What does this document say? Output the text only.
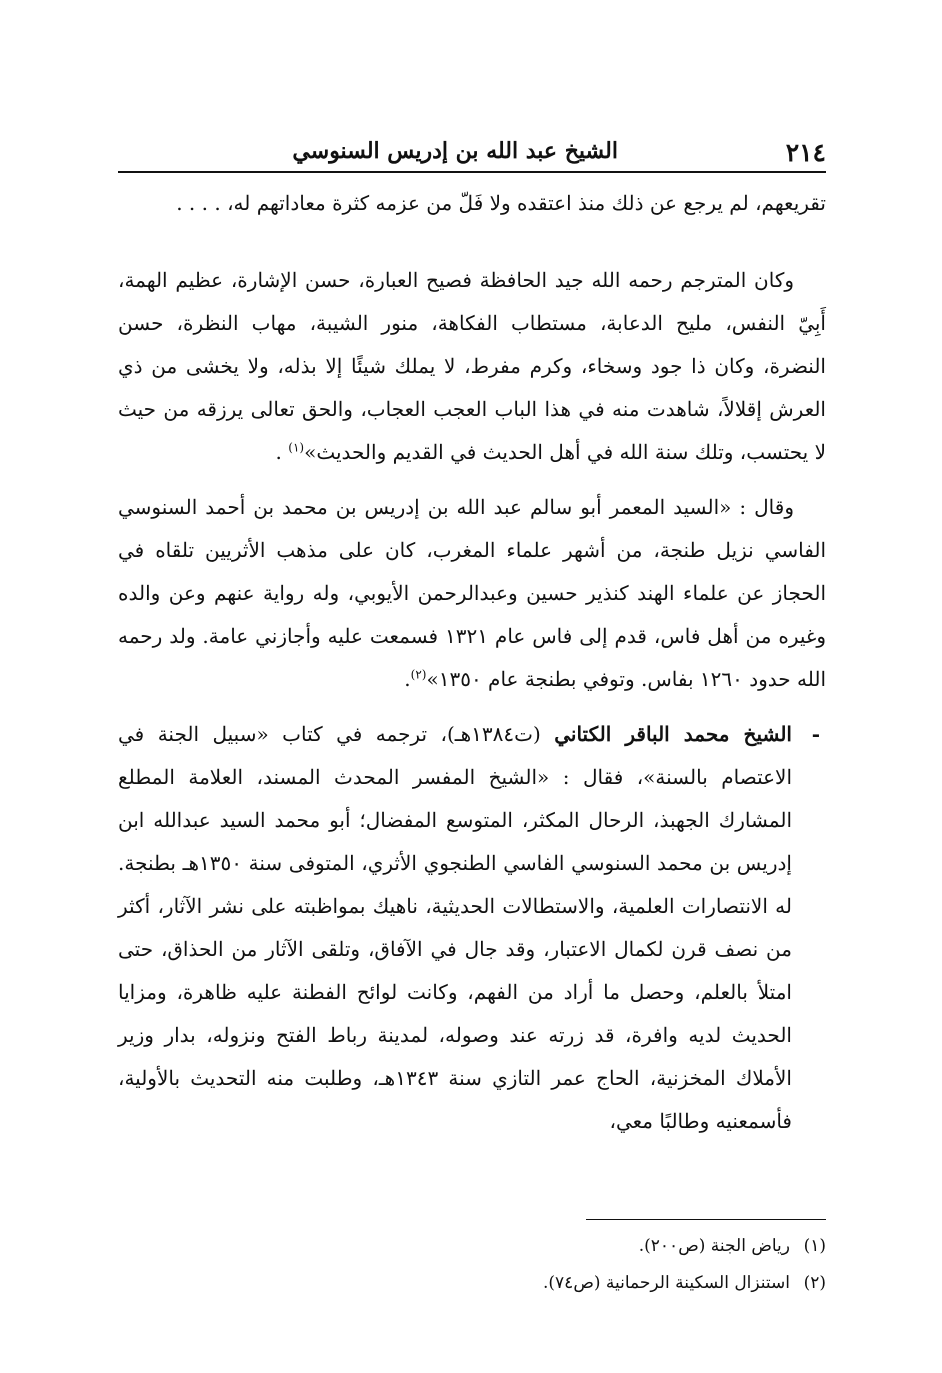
٢١٤
الشيخ عبد الله بن إدريس السنوسي

تقريعهم، لم يرجع عن ذلك منذ اعتقده ولا فَلّ من عزمه كثرة معاداتهم له، . . . .

وكان المترجم رحمه الله جيد الحافظة فصيح العبارة، حسن الإشارة، عظيم الهمة، أَبِيّ النفس، مليح الدعابة، مستطاب الفكاهة، منور الشيبة، مهاب النظرة، حسن النضرة، وكان ذا جود وسخاء، وكرم مفرط، لا يملك شيئًا إلا بذله، ولا يخشى من ذي العرش إقلالاً، شاهدت منه في هذا الباب العجب العجاب، والحق تعالى يرزقه من حيث لا يحتسب، وتلك سنة الله في أهل الحديث في القديم والحديث»$^{(١)}$ .

وقال : «السيد المعمر أبو سالم عبد الله بن إدريس بن محمد بن أحمد السنوسي الفاسي نزيل طنجة، من أشهر علماء المغرب، كان على مذهب الأثريين تلقاه في الحجاز عن علماء الهند كنذير حسين وعبدالرحمن الأيوبي، وله رواية عنهم وعن والده وغيره من أهل فاس، قدم إلى فاس عام ١٣٢١ فسمعت عليه وأجازني عامة. ولد رحمه الله حدود ١٢٦٠ بفاس. وتوفي بطنجة عام ١٣٥٠»$^{(٢)}$.

-
الشيخ محمد الباقر الكتاني (ت١٣٨٤هـ)، ترجمه في كتاب «سبيل الجنة في الاعتصام بالسنة»، فقال : «الشيخ المفسر المحدث المسند، العلامة المطلع المشارك الجهبذ، الرحال المكثر، المتوسع المفضال؛ أبو محمد السيد عبدالله ابن إدريس بن محمد السنوسي الفاسي الطنجوي الأثري، المتوفى سنة ١٣٥٠هـ بطنجة. له الانتصارات العلمية، والاستطالات الحديثية، ناهيك بمواظبته على نشر الآثار، أكثر من نصف قرن لكمال الاعتبار، وقد جال في الآفاق، وتلقى الآثار من الحذاق، حتى امتلأ بالعلم، وحصل ما أراد من الفهم، وكانت لوائح الفطنة عليه ظاهرة، ومزايا الحديث لديه وافرة، قد زرته عند وصوله، لمدينة رباط الفتح ونزوله، بدار وزير الأملاك المخزنية، الحاج عمر التازي سنة ١٣٤٣هـ، وطلبت منه التحديث بالأولية، فأسمعنيه وطالبًا معي،

(١)رياض الجنة (ص٢٠٠).
(٢)استنزال السكينة الرحمانية (ص٧٤).
